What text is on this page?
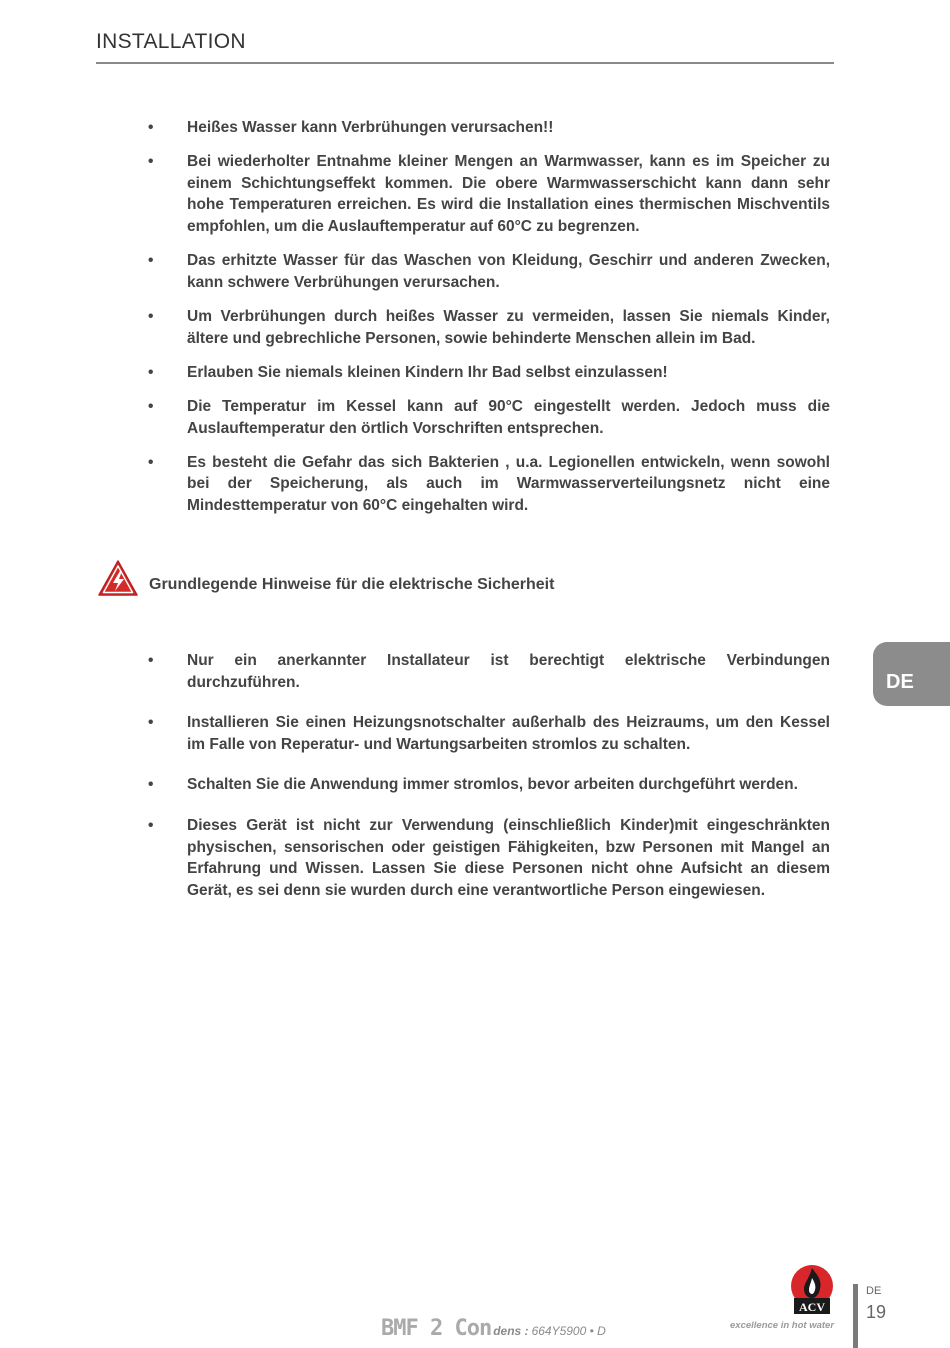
INSTALLATION
• Heißes Wasser kann Verbrühungen verursachen!!
• Bei wiederholter Entnahme kleiner Mengen an Warmwasser, kann es im Speicher zu einem Schichtungseffekt kommen. Die obere Warmwasserschicht kann dann sehr hohe Temperaturen erreichen. Es wird die Installation eines thermischen Mischventils empfohlen, um die Auslauftemperatur auf 60°C zu begrenzen.
• Das erhitzte Wasser für das Waschen von Kleidung, Geschirr und anderen Zwecken, kann schwere Verbrühungen verursachen.
• Um Verbrühungen durch heißes Wasser zu vermeiden, lassen Sie niemals Kinder, ältere und gebrechliche Personen, sowie behinderte Menschen allein im Bad.
• Erlauben Sie niemals kleinen Kindern Ihr Bad selbst einzulassen!
• Die Temperatur im Kessel kann auf 90°C eingestellt werden. Jedoch muss die Auslauftemperatur den örtlich Vorschriften entsprechen.
• Es besteht die Gefahr das sich Bakterien , u.a. Legionellen entwickeln, wenn sowohl bei der Speicherung, als auch im Warmwasserverteilungsnetz nicht eine Mindesttemperatur von 60°C eingehalten wird.
Grundlegende Hinweise für die elektrische Sicherheit
• Nur ein anerkannter Installateur ist berechtigt elektrische Verbindungen durchzuführen.
• Installieren Sie einen Heizungsnotschalter außerhalb des Heizraums, um den Kessel im Falle von Reperatur- und Wartungsarbeiten stromlos zu schalten.
• Schalten Sie die Anwendung immer stromlos, bevor arbeiten durchgeführt werden.
• Dieses Gerät ist nicht zur Verwendung (einschließlich Kinder)mit eingeschränkten physischen, sensorischen oder geistigen Fähigkeiten, bzw Personen mit Mangel an Erfahrung und Wissen. Lassen Sie diese Personen nicht ohne Aufsicht an diesem Gerät, es sei denn sie wurden durch eine verantwortliche Person eingewiesen.
DE
BMF 2 Con dens : 664Y5900 • D
ACV
excellence in hot water
DE
19
